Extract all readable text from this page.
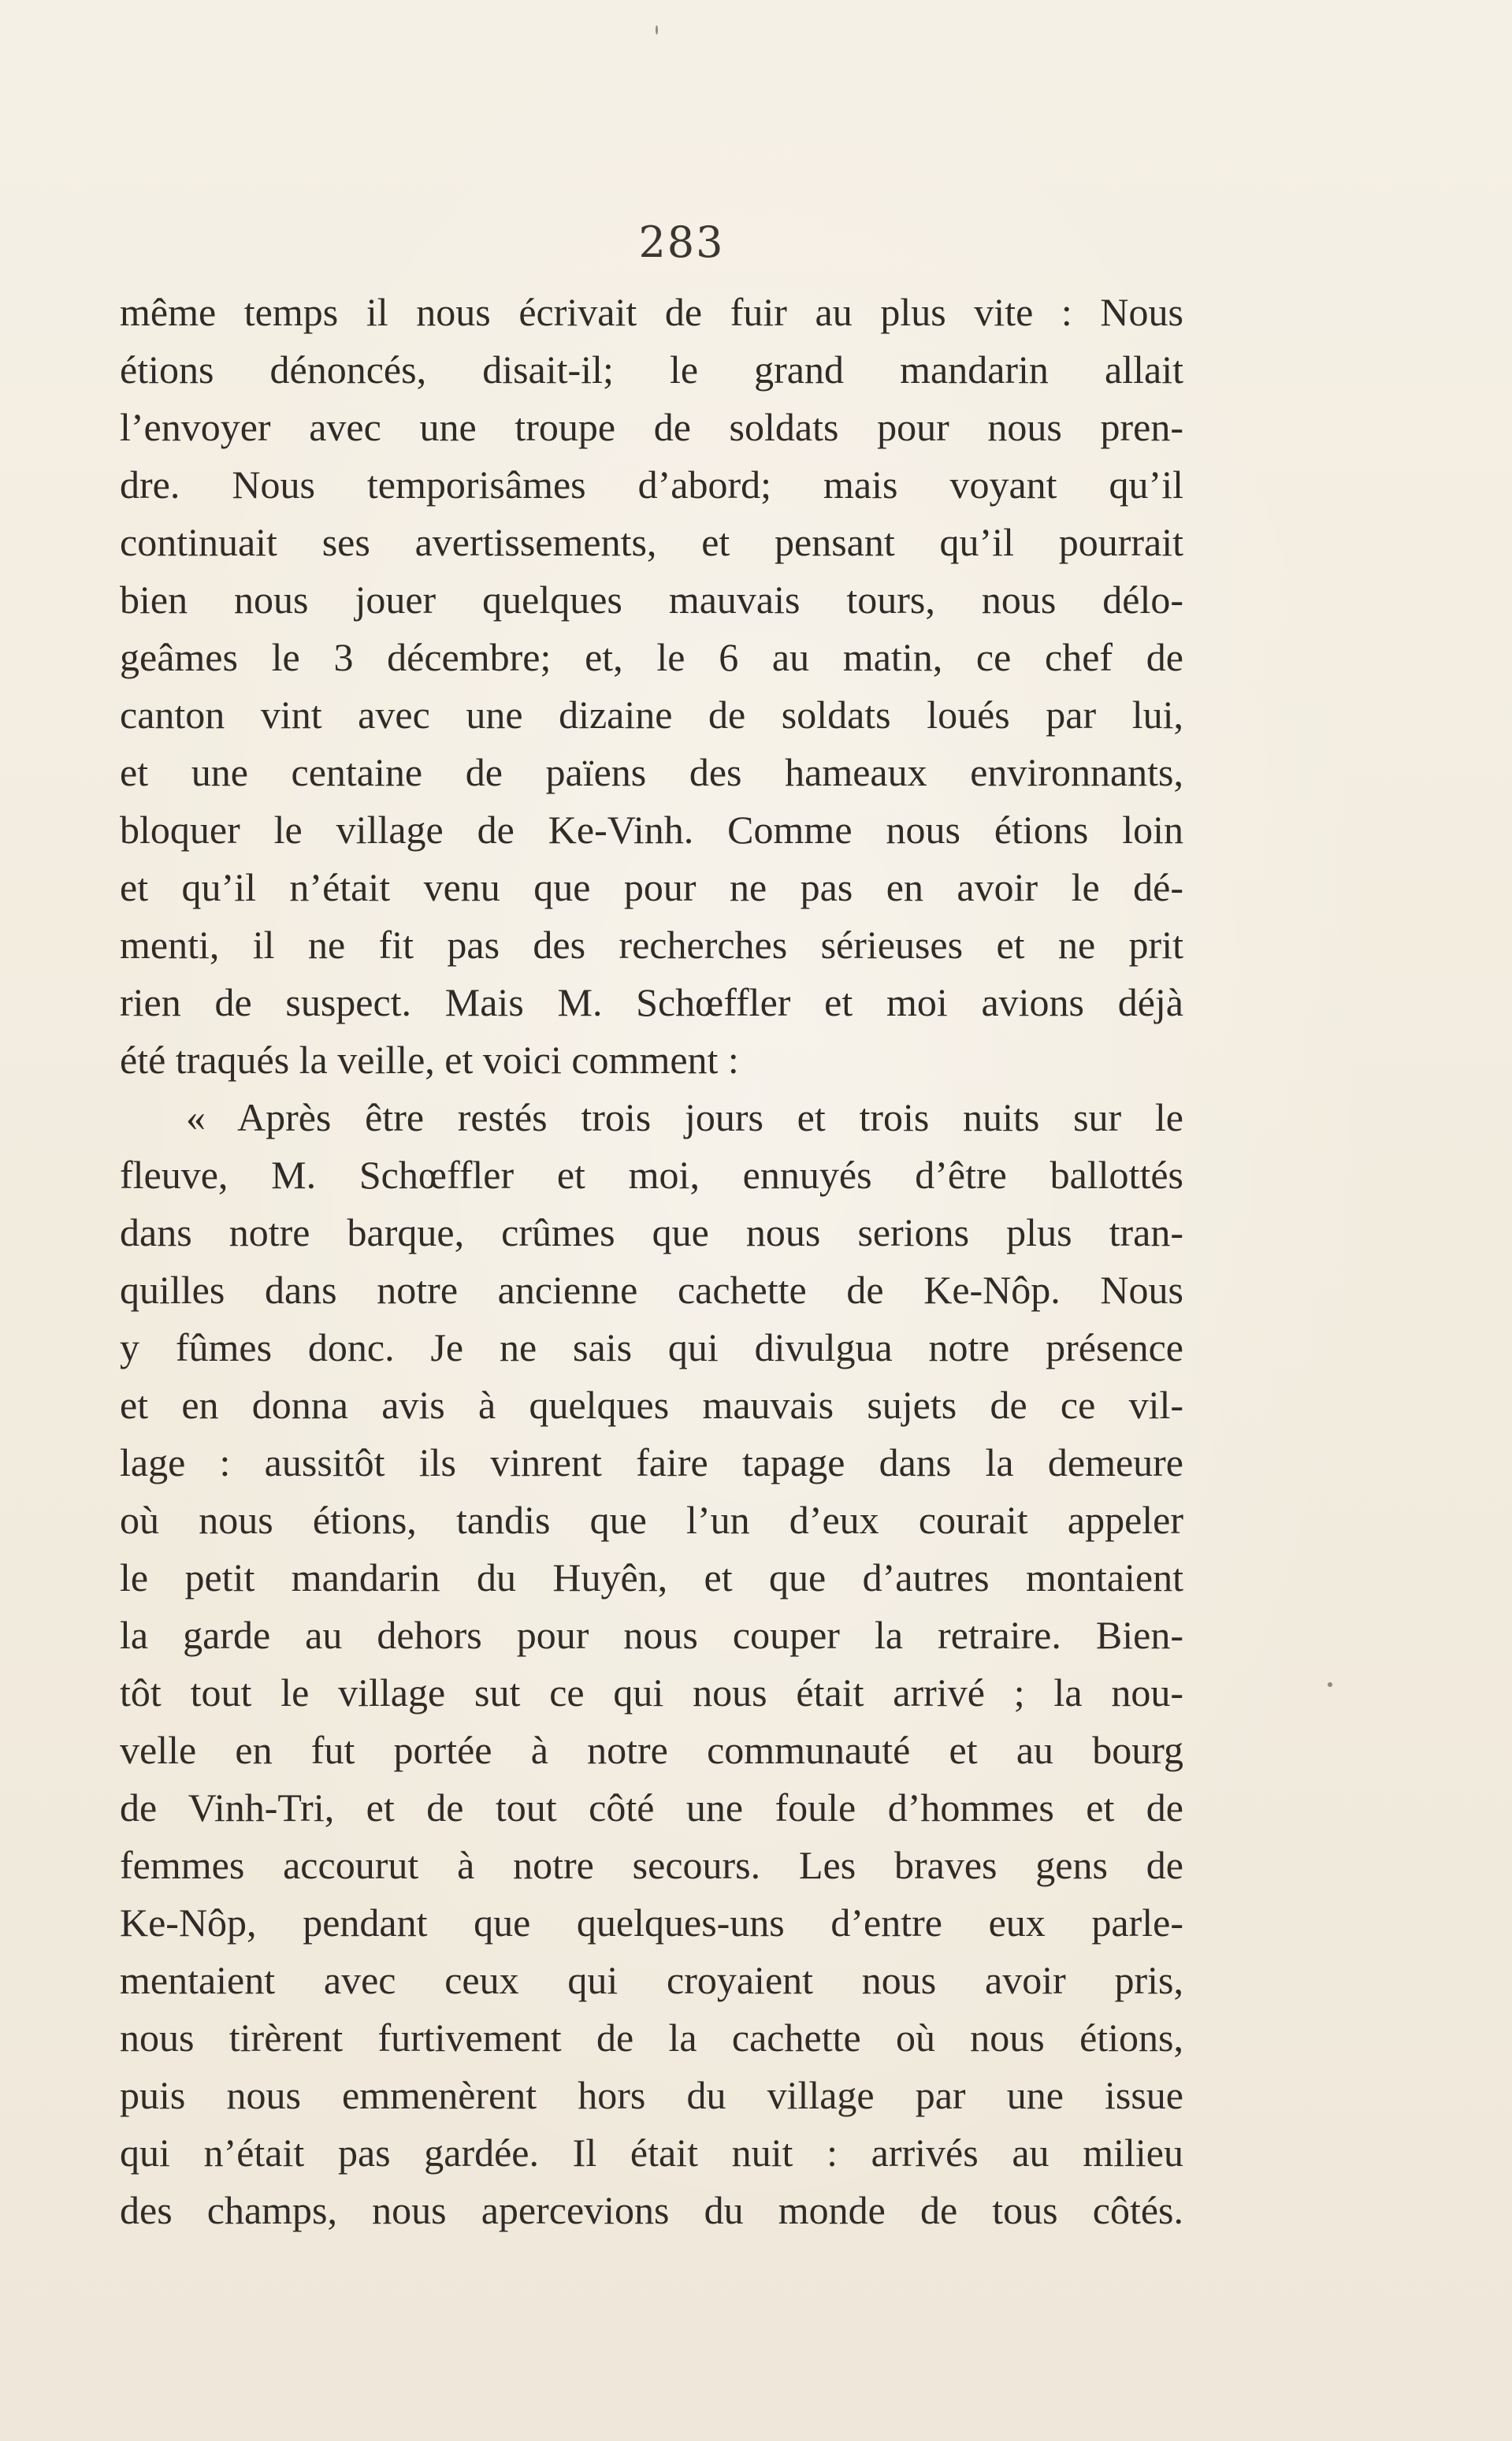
283
même temps il nous écrivait de fuir au plus vite : Nous
étions dénoncés, disait-il; le grand mandarin allait
l’envoyer avec une troupe de soldats pour nous pren-
dre. Nous temporisâmes d’abord; mais voyant qu’il
continuait ses avertissements, et pensant qu’il pourrait
bien nous jouer quelques mauvais tours, nous délo-
geâmes le 3 décembre; et, le 6 au matin, ce chef de
canton vint avec une dizaine de soldats loués par lui,
et une centaine de païens des hameaux environnants,
bloquer le village de Ke-Vinh. Comme nous étions loin
et qu’il n’était venu que pour ne pas en avoir le dé-
menti, il ne fit pas des recherches sérieuses et ne prit
rien de suspect. Mais M. Schœffler et moi avions déjà
été traqués la veille, et voici comment :
« Après être restés trois jours et trois nuits sur le
fleuve, M. Schœffler et moi, ennuyés d’être ballottés
dans notre barque, crûmes que nous serions plus tran-
quilles dans notre ancienne cachette de Ke-Nôp. Nous
y fûmes donc. Je ne sais qui divulgua notre présence
et en donna avis à quelques mauvais sujets de ce vil-
lage : aussitôt ils vinrent faire tapage dans la demeure
où nous étions, tandis que l’un d’eux courait appeler
le petit mandarin du Huyên, et que d’autres montaient
la garde au dehors pour nous couper la retraire. Bien-
tôt tout le village sut ce qui nous était arrivé ; la nou-
velle en fut portée à notre communauté et au bourg
de Vinh-Tri, et de tout côté une foule d’hommes et de
femmes accourut à notre secours. Les braves gens de
Ke-Nôp, pendant que quelques-uns d’entre eux parle-
mentaient avec ceux qui croyaient nous avoir pris,
nous tirèrent furtivement de la cachette où nous étions,
puis nous emmenèrent hors du village par une issue
qui n’était pas gardée. Il était nuit : arrivés au milieu
des champs, nous apercevions du monde de tous côtés.
